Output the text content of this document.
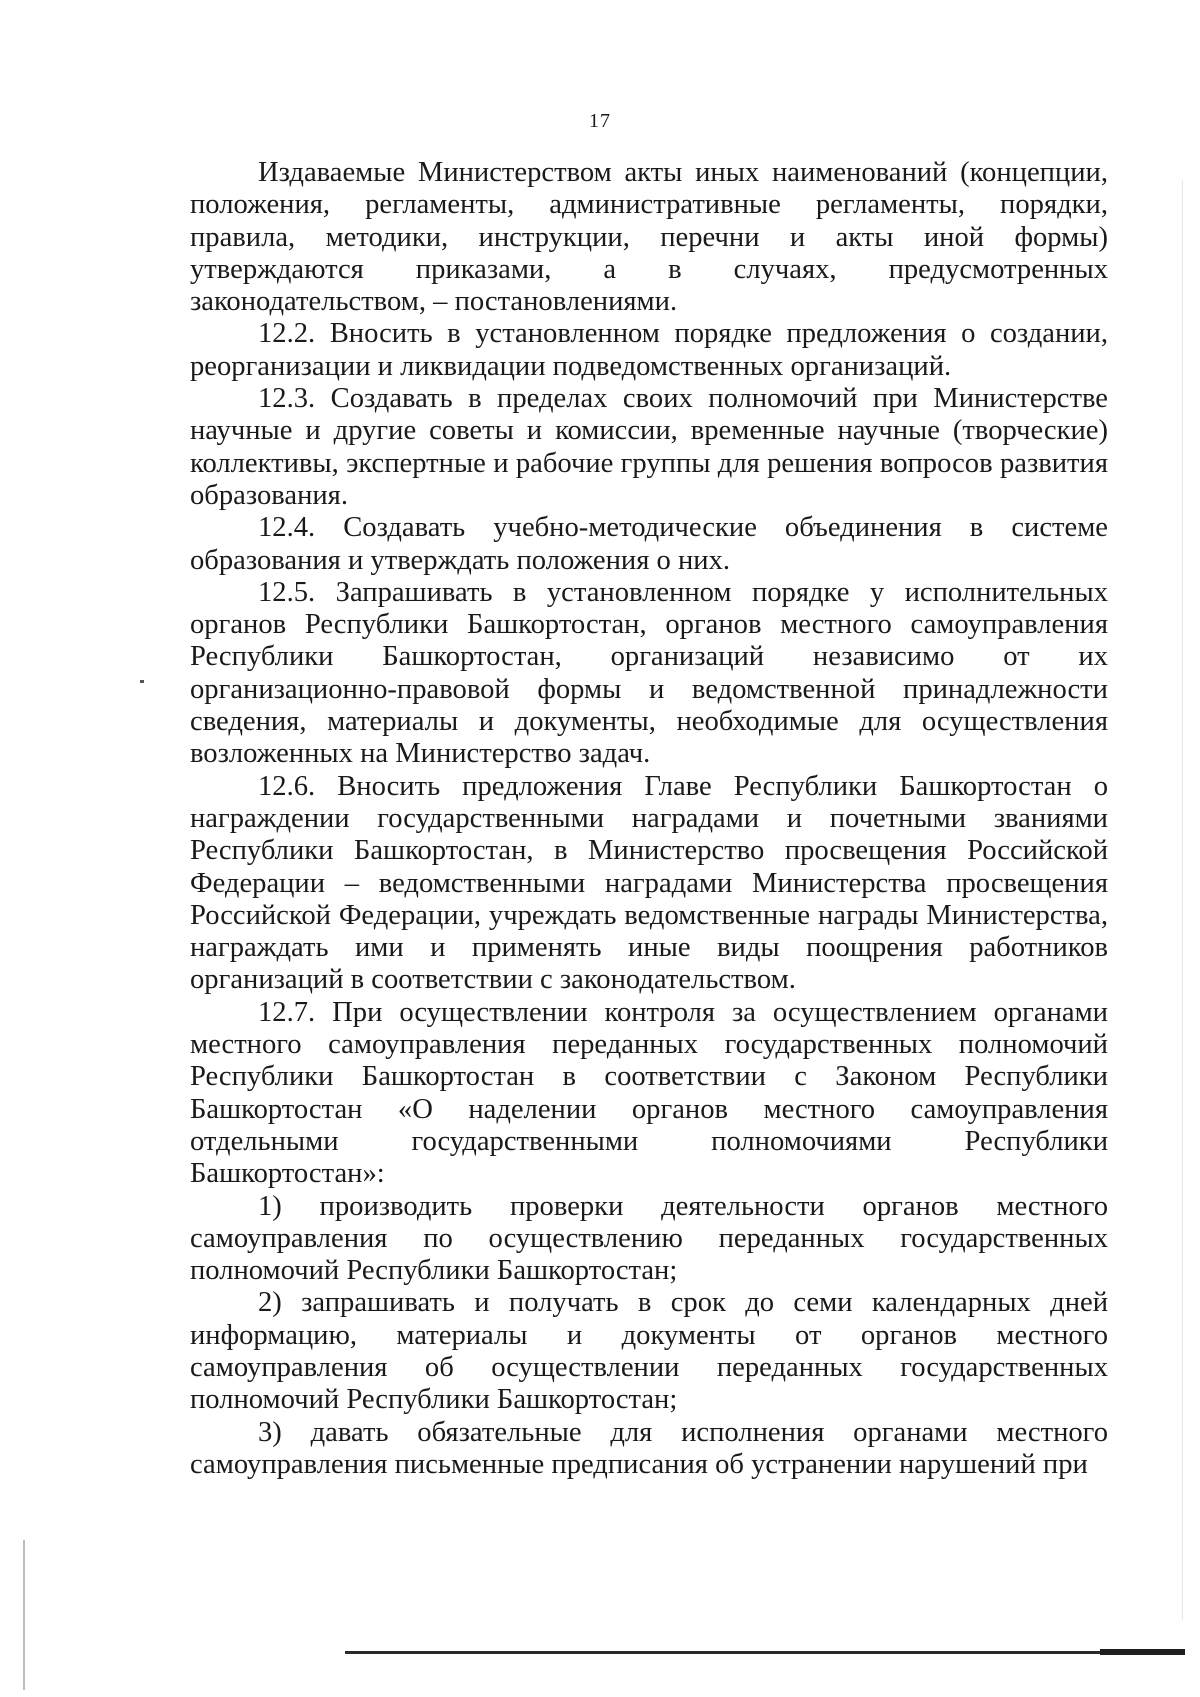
17

Издаваемые Министерством акты иных наименований (концепции, положения, регламенты, административные регламенты, порядки, правила, методики, инструкции, перечни и акты иной формы) утверждаются приказами, а в случаях, предусмотренных законодательством, – постановлениями.

12.2. Вносить в установленном порядке предложения о создании, реорганизации и ликвидации подведомственных организаций.

12.3. Создавать в пределах своих полномочий при Министерстве научные и другие советы и комиссии, временные научные (творческие) коллективы, экспертные и рабочие группы для решения вопросов развития образования.

12.4. Создавать учебно-методические объединения в системе образования и утверждать положения о них.

12.5. Запрашивать в установленном порядке у исполнительных органов Республики Башкортостан, органов местного самоуправления Республики Башкортостан, организаций независимо от их организационно-правовой формы и ведомственной принадлежности сведения, материалы и документы, необходимые для осуществления возложенных на Министерство задач.

12.6. Вносить предложения Главе Республики Башкортостан о награждении государственными наградами и почетными званиями Республики Башкортостан, в Министерство просвещения Российской Федерации – ведомственными наградами Министерства просвещения Российской Федерации, учреждать ведомственные награды Министерства, награждать ими и применять иные виды поощрения работников организаций в соответствии с законодательством.

12.7. При осуществлении контроля за осуществлением органами местного самоуправления переданных государственных полномочий Республики Башкортостан в соответствии с Законом Республики Башкортостан «О наделении органов местного самоуправления отдельными государственными полномочиями Республики Башкортостан»:

1) производить проверки деятельности органов местного самоуправления по осуществлению переданных государственных полномочий Республики Башкортостан;

2) запрашивать и получать в срок до семи календарных дней информацию, материалы и документы от органов местного самоуправления об осуществлении переданных государственных полномочий Республики Башкортостан;

3) давать обязательные для исполнения органами местного самоуправления письменные предписания об устранении нарушений при
